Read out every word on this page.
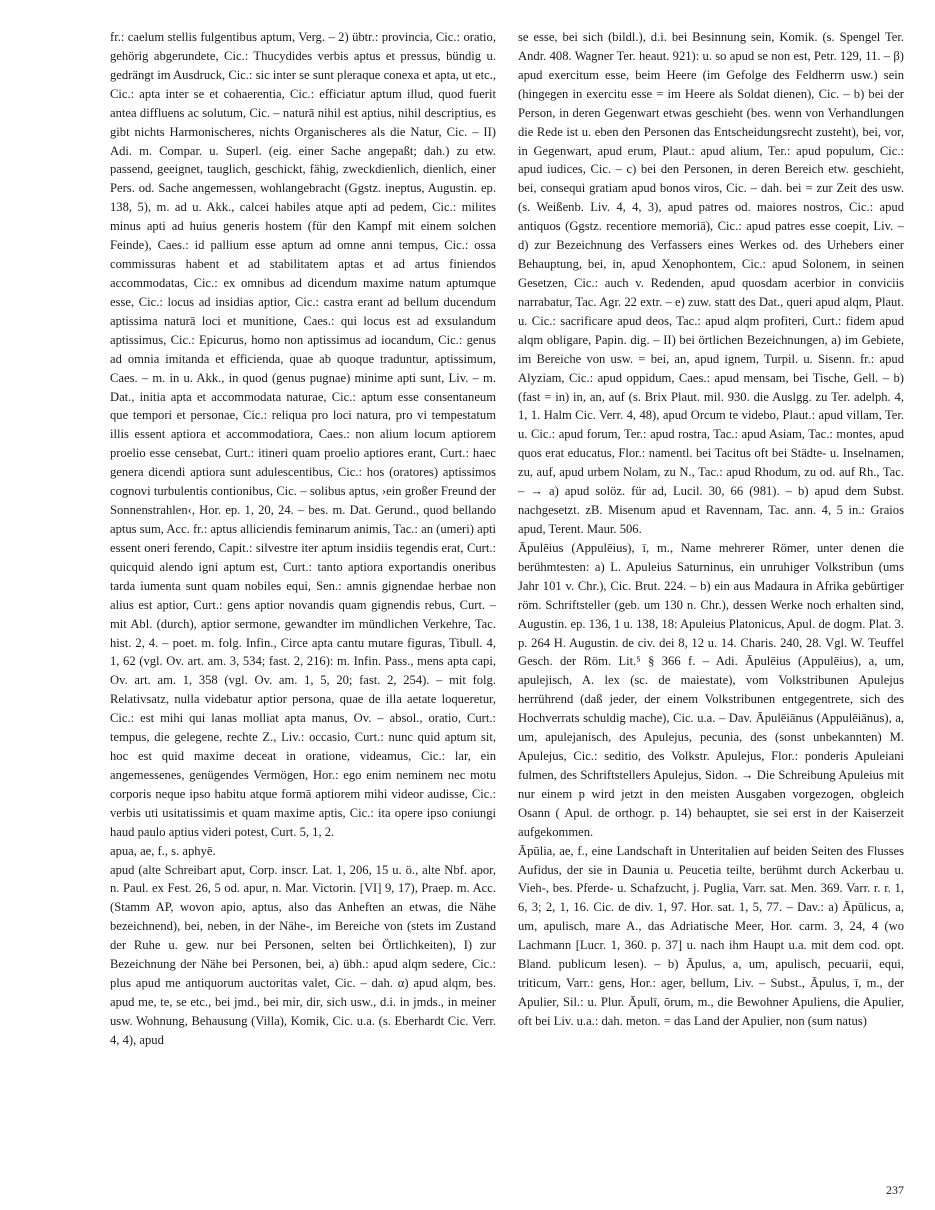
fr.: caelum stellis fulgentibus aptum, Verg. – 2) übtr.: provincia, Cic.: oratio, gehörig abgerundete, Cic.: Thucydides verbis aptus et pressus, bündig u. gedrängt im Ausdruck, Cic.: sic inter se sunt pleraque conexa et apta, ut etc., Cic.: apta inter se et cohaerentia, Cic.: efficiatur aptum illud, quod fuerit antea diffluens ac solutum, Cic. – naturā nihil est aptius, nihil descriptius, es gibt nichts Harmonischeres, nichts Organischeres als die Natur, Cic. – II) Adi. m. Compar. u. Superl. (eig. einer Sache angepaßt; dah.) zu etw. passend, geeignet, tauglich, geschickt, fähig, zweckdienlich, dienlich, einer Pers. od. Sache angemessen, wohlangebracht (Ggstz. ineptus, Augustin. ep. 138, 5), m. ad u. Akk., calcei habiles atque apti ad pedem, Cic.: milites minus apti ad huius generis hostem (für den Kampf mit einem solchen Feinde), Caes.: id pallium esse aptum ad omne anni tempus, Cic.: ossa commissuras habent et ad stabilitatem aptas et ad artus finiendos accommodatas, Cic.: ex omnibus ad dicendum maxime natum aptumque esse, Cic.: locus ad insidias aptior, Cic.: castra erant ad bellum ducendum aptissima naturā loci et munitione, Caes.: qui locus est ad exsulandum aptissimus, Cic.: Epicurus, homo non aptissimus ad iocandum, Cic.: genus ad omnia imitanda et efficienda, quae ab quoque traduntur, aptissimum, Caes. – m. in u. Akk., in quod (genus pugnae) minime apti sunt, Liv. – m. Dat., initia apta et accommodata naturae, Cic.: aptum esse consentaneum que tempori et personae, Cic.: reliqua pro loci natura, pro vi tempestatum illis essent aptiora et accommodatiora, Caes.: non alium locum aptiorem proelio esse censebat, Curt.: itineri quam proelio aptiores erant, Curt.: haec genera dicendi aptiora sunt adulescentibus, Cic.: hos (oratores) aptissimos cognovi turbulentis contionibus, Cic. – solibus aptus, ›ein großer Freund der Sonnenstrahlen‹, Hor. ep. 1, 20, 24. – bes. m. Dat. Gerund., quod bellando aptus sum, Acc. fr.: aptus alliciendis feminarum animis, Tac.: an (umeri) apti essent oneri ferendo, Capit.: silvestre iter aptum insidiis tegendis erat, Curt.: quicquid alendo igni aptum est, Curt.: tanto aptiora exportandis oneribus tarda iumenta sunt quam nobiles equi, Sen.: amnis gignendae herbae non alius est aptior, Curt.: gens aptior novandis quam gignendis rebus, Curt. – mit Abl. (durch), aptior sermone, gewandter im mündlichen Verkehre, Tac. hist. 2, 4. – poet. m. folg. Infin., Circe apta cantu mutare figuras, Tibull. 4, 1, 62 (vgl. Ov. art. am. 3, 534; fast. 2, 216): m. Infin. Pass., mens apta capi, Ov. art. am. 1, 358 (vgl. Ov. am. 1, 5, 20; fast. 2, 254). – mit folg. Relativsatz, nulla videbatur aptior persona, quae de illa aetate loqueretur, Cic.: est mihi qui lanas molliat apta manus, Ov. – absol., oratio, Curt.: tempus, die gelegene, rechte Z., Liv.: occasio, Curt.: nunc quid aptum sit, hoc est quid maxime deceat in oratione, videamus, Cic.: lar, ein angemessenes, genügendes Vermögen, Hor.: ego enim neminem nec motu corporis neque ipso habitu atque formā aptiorem mihi videor audisse, Cic.: verbis uti usitatissimis et quam maxime aptis, Cic.: ita opere ipso coniungi haud paulo aptius videri potest, Curt. 5, 1, 2.

apua, ae, f., s. aphyē.

apud (alte Schreibart aput, Corp. inscr. Lat. 1, 206, 15 u. ö., alte Nbf. apor, n. Paul. ex Fest. 26, 5 od. apur, n. Mar. Victorin. [VI] 9, 17), Praep. m. Acc. (Stamm AP, wovon apio, aptus, also das Anheften an etwas, die Nähe bezeichnend), bei, neben, in der Nähe-, im Bereiche von (stets im Zustand der Ruhe u. gew. nur bei Personen, selten bei Örtlichkeiten), I) zur Bezeichnung der Nähe bei Personen, bei, a) übh.: apud alqm sedere, Cic.: plus apud me antiquorum auctoritas valet, Cic. – dah. α) apud alqm, bes. apud me, te, se etc., bei jmd., bei mir, dir, sich usw., d.i. in jmds., in meiner usw. Wohnung, Behausung (Villa), Komik, Cic. u.a. (s. Eberhardt Cic. Verr. 4, 4), apud

se esse, bei sich (bildl.), d.i. bei Besinnung sein, Komik. (s. Spengel Ter. Andr. 408. Wagner Ter. heaut. 921): u. so apud se non est, Petr. 129, 11. – β) apud exercitum esse, beim Heere (im Gefolge des Feldherrn usw.) sein (hingegen in exercitu esse = im Heere als Soldat dienen), Cic. – b) bei der Person, in deren Gegenwart etwas geschieht (bes. wenn von Verhandlungen die Rede ist u. eben den Personen das Entscheidungsrecht zusteht), bei, vor, in Gegenwart, apud erum, Plaut.: apud alium, Ter.: apud populum, Cic.: apud iudices, Cic. – c) bei den Personen, in deren Bereich etw. geschieht, bei, consequi gratiam apud bonos viros, Cic. – dah. bei = zur Zeit des usw. (s. Weißenb. Liv. 4, 4, 3), apud patres od. maiores nostros, Cic.: apud antiquos (Ggstz. recentiore memoriā), Cic.: apud patres esse coepit, Liv. – d) zur Bezeichnung des Verfassers eines Werkes od. des Urhebers einer Behauptung, bei, in, apud Xenophontem, Cic.: apud Solonem, in seinen Gesetzen, Cic.: auch v. Redenden, apud quosdam acerbior in conviciis narrabatur, Tac. Agr. 22 extr. – e) zuw. statt des Dat., queri apud alqm, Plaut. u. Cic.: sacrificare apud deos, Tac.: apud alqm profiteri, Curt.: fidem apud alqm obligare, Papin. dig. – II) bei örtlichen Bezeichnungen, a) im Gebiete, im Bereiche von usw. = bei, an, apud ignem, Turpil. u. Sisenn. fr.: apud Alyziam, Cic.: apud oppidum, Caes.: apud mensam, bei Tische, Gell. – b) (fast = in) in, an, auf (s. Brix Plaut. mil. 930. die Auslgg. zu Ter. adelph. 4, 1, 1. Halm Cic. Verr. 4, 48), apud Orcum te videbo, Plaut.: apud villam, Ter. u. Cic.: apud forum, Ter.: apud rostra, Tac.: apud Asiam, Tac.: montes, apud quos erat educatus, Flor.: namentl. bei Tacitus oft bei Städte- u. Inselnamen, zu, auf, apud urbem Nolam, zu N., Tac.: apud Rhodum, zu od. auf Rh., Tac. – → a) apud solöz. für ad, Lucil. 30, 66 (981). – b) apud dem Subst. nachgesetzt. zB. Misenum apud et Ravennam, Tac. ann. 4, 5 in.: Graios apud, Terent. Maur. 506.

Āpulēius (Appulēius), ī, m., Name mehrerer Römer, unter denen die berühmtesten: a) L. Apuleius Saturninus, ein unruhiger Volkstribun (ums Jahr 101 v. Chr.), Cic. Brut. 224. – b) ein aus Madaura in Afrika gebürtiger röm. Schriftsteller (geb. um 130 n. Chr.), dessen Werke noch erhalten sind, Augustin. ep. 136, 1 u. 138, 18: Apuleius Platonicus, Apul. de dogm. Plat. 3. p. 264 H. Augustin. de civ. dei 8, 12 u. 14. Charis. 240, 28. Vgl. W. Teuffel Gesch. der Röm. Lit.⁵ § 366 f. – Adi. Āpulēius (Appulēius), a, um, apulejisch, A. lex (sc. de maiestate), vom Volkstribunen Apulejus herrührend (daß jeder, der einem Volkstribunen entgegentrete, sich des Hochverrats schuldig mache), Cic. u.a. – Dav. Āpulēiānus (Appulēiānus), a, um, apulejanisch, des Apulejus, pecunia, des (sonst unbekannten) M. Apulejus, Cic.: seditio, des Volkstr. Apulejus, Flor.: ponderis Apuleiani fulmen, des Schriftstellers Apulejus, Sidon. → Die Schreibung Apuleius mit nur einem p wird jetzt in den meisten Ausgaben vorgezogen, obgleich Osann ( Apul. de orthogr. p. 14) behauptet, sie sei erst in der Kaiserzeit aufgekommen.

Āpūlia, ae, f., eine Landschaft in Unteritalien auf beiden Seiten des Flusses Aufidus, der sie in Daunia u. Peucetia teilte, berühmt durch Ackerbau u. Vieh-, bes. Pferde- u. Schafzucht, j. Puglia, Varr. sat. Men. 369. Varr. r. r. 1, 6, 3; 2, 1, 16. Cic. de div. 1, 97. Hor. sat. 1, 5, 77. – Dav.: a) Āpūlicus, a, um, apulisch, mare A., das Adriatische Meer, Hor. carm. 3, 24, 4 (wo Lachmann [Lucr. 1, 360. p. 37] u. nach ihm Haupt u.a. mit dem cod. opt. Bland. publicum lesen). – b) Āpulus, a, um, apulisch, pecuarii, equi, triticum, Varr.: gens, Hor.: ager, bellum, Liv. – Subst., Āpulus, ī, m., der Apulier, Sil.: u. Plur. Āpulī, ōrum, m., die Bewohner Apuliens, die Apulier, oft bei Liv. u.a.: dah. meton. = das Land der Apulier, non (sum natus)

237
